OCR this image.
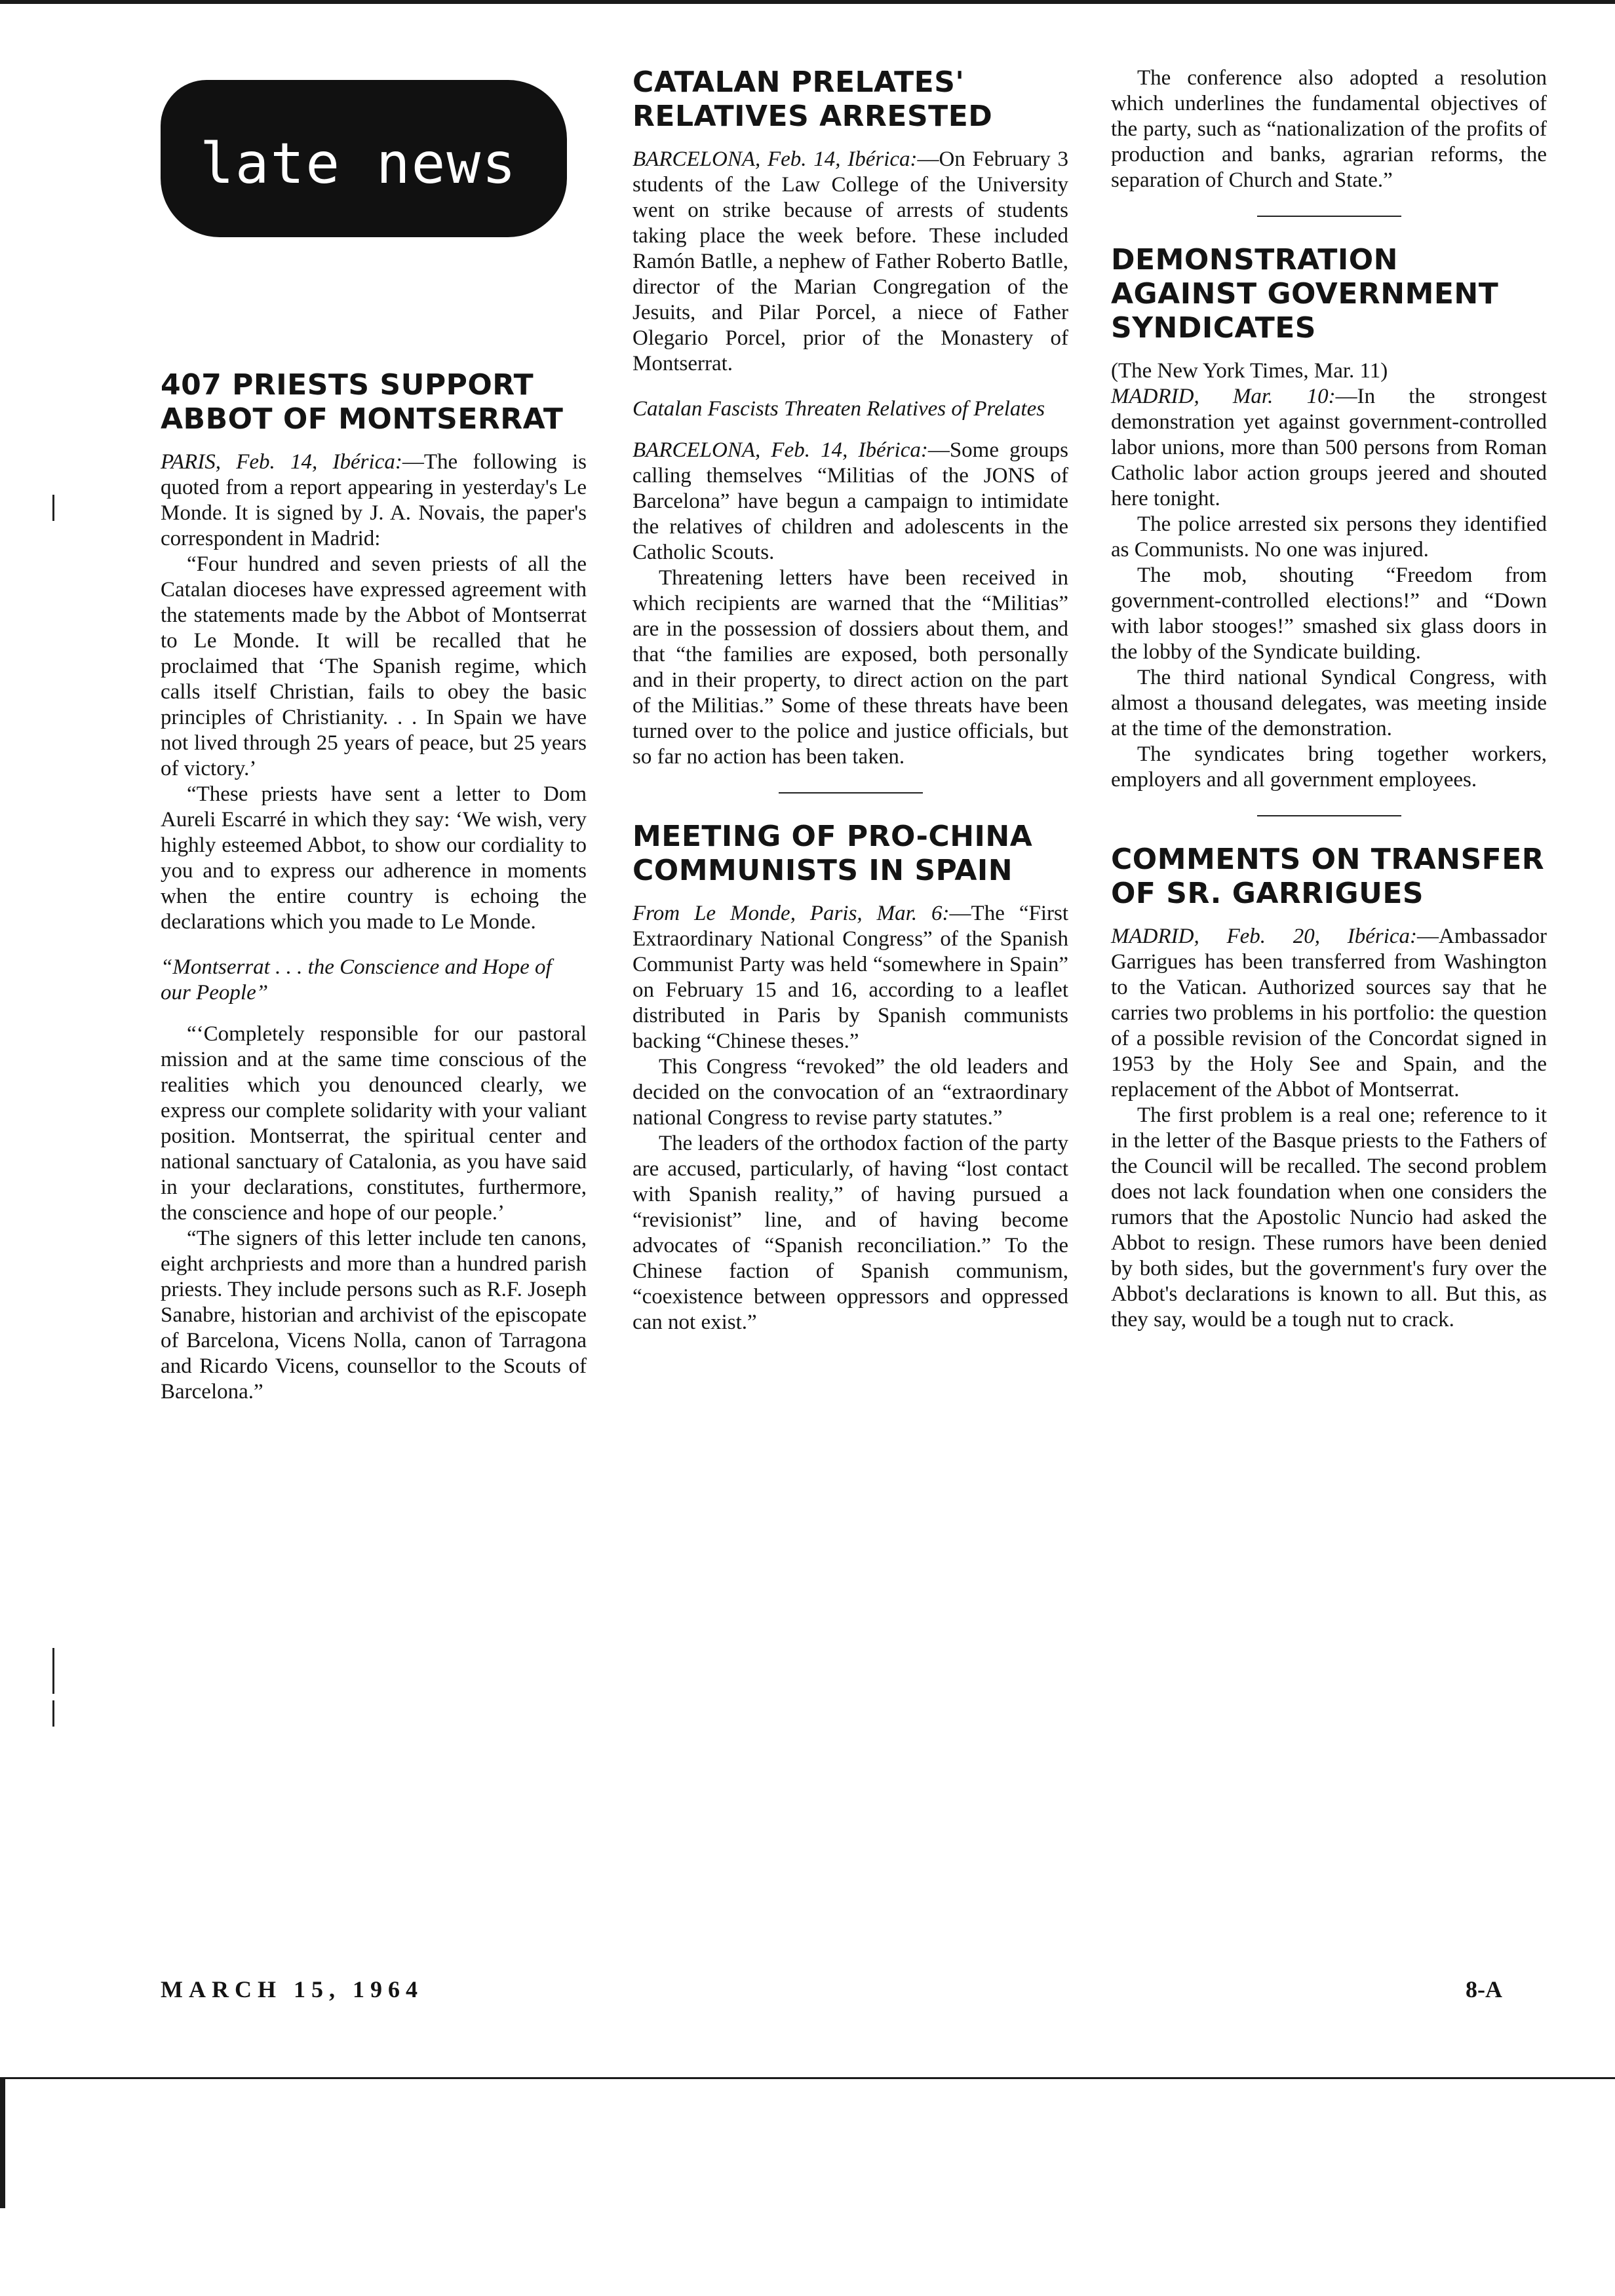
late news
407 PRIESTS SUPPORT ABBOT OF MONTSERRAT

PARIS, Feb. 14, Ibérica:—The following is quoted from a report appearing in yesterday's Le Monde. It is signed by J. A. Novais, the paper's correspondent in Madrid:

“Four hundred and seven priests of all the Catalan dioceses have expressed agreement with the statements made by the Abbot of Montserrat to Le Monde. It will be recalled that he proclaimed that ‘The Spanish regime, which calls itself Christian, fails to obey the basic principles of Christianity. . . In Spain we have not lived through 25 years of peace, but 25 years of victory.’

“These priests have sent a letter to Dom Aureli Escarré in which they say: ‘We wish, very highly esteemed Abbot, to show our cordiality to you and to express our adherence in moments when the entire country is echoing the declarations which you made to Le Monde.

“Montserrat . . . the Conscience and Hope of our People”

“‘Completely responsible for our pastoral mission and at the same time conscious of the realities which you denounced clearly, we express our complete solidarity with your valiant position. Montserrat, the spiritual center and national sanctuary of Catalonia, as you have said in your declarations, constitutes, furthermore, the conscience and hope of our people.’

“The signers of this letter include ten canons, eight archpriests and more than a hundred parish priests. They include persons such as R.F. Joseph Sanabre, historian and archivist of the episcopate of Barcelona, Vicens Nolla, canon of Tarragona and Ricardo Vicens, counsellor to the Scouts of Barcelona.”

CATALAN PRELATES' RELATIVES ARRESTED

BARCELONA, Feb. 14, Ibérica:—On February 3 students of the Law College of the University went on strike because of arrests of students taking place the week before. These included Ramón Batlle, a nephew of Father Roberto Batlle, director of the Marian Congregation of the Jesuits, and Pilar Porcel, a niece of Father Olegario Porcel, prior of the Monastery of Montserrat.

Catalan Fascists Threaten Relatives of Prelates

BARCELONA, Feb. 14, Ibérica:—Some groups calling themselves “Militias of the JONS of Barcelona” have begun a campaign to intimidate the relatives of children and adolescents in the Catholic Scouts.

Threatening letters have been received in which recipients are warned that the “Militias” are in the possession of dossiers about them, and that “the families are exposed, both personally and in their property, to direct action on the part of the Militias.” Some of these threats have been turned over to the police and justice officials, but so far no action has been taken.

MEETING OF PRO-CHINA COMMUNISTS IN SPAIN

From Le Monde, Paris, Mar. 6:—The “First Extraordinary National Congress” of the Spanish Communist Party was held “somewhere in Spain” on February 15 and 16, according to a leaflet distributed in Paris by Spanish communists backing “Chinese theses.”

This Congress “revoked” the old leaders and decided on the convocation of an “extraordinary national Congress to revise party statutes.”

The leaders of the orthodox faction of the party are accused, particularly, of having “lost contact with Spanish reality,” of having pursued a “revisionist” line, and of having become advocates of “Spanish reconciliation.” To the Chinese faction of Spanish communism, “coexistence between oppressors and oppressed can not exist.”

The conference also adopted a resolution which underlines the fundamental objectives of the party, such as “nationalization of the profits of production and banks, agrarian reforms, the separation of Church and State.”

DEMONSTRATION AGAINST GOVERNMENT SYNDICATES

(The New York Times, Mar. 11)

MADRID, Mar. 10:—In the strongest demonstration yet against government-controlled labor unions, more than 500 persons from Roman Catholic labor action groups jeered and shouted here tonight.

The police arrested six persons they identified as Communists. No one was injured.

The mob, shouting “Freedom from government-controlled elections!” and “Down with labor stooges!” smashed six glass doors in the lobby of the Syndicate building.

The third national Syndical Congress, with almost a thousand delegates, was meeting inside at the time of the demonstration.

The syndicates bring together workers, employers and all government employees.

COMMENTS ON TRANSFER OF SR. GARRIGUES

MADRID, Feb. 20, Ibérica:—Ambassador Garrigues has been transferred from Washington to the Vatican. Authorized sources say that he carries two problems in his portfolio: the question of a possible revision of the Concordat signed in 1953 by the Holy See and Spain, and the replacement of the Abbot of Montserrat.

The first problem is a real one; reference to it in the letter of the Basque priests to the Fathers of the Council will be recalled. The second problem does not lack foundation when one considers the rumors that the Apostolic Nuncio had asked the Abbot to resign. These rumors have been denied by both sides, but the government's fury over the Abbot's declarations is known to all. But this, as they say, would be a tough nut to crack.

MARCH 15, 1964	8-A
